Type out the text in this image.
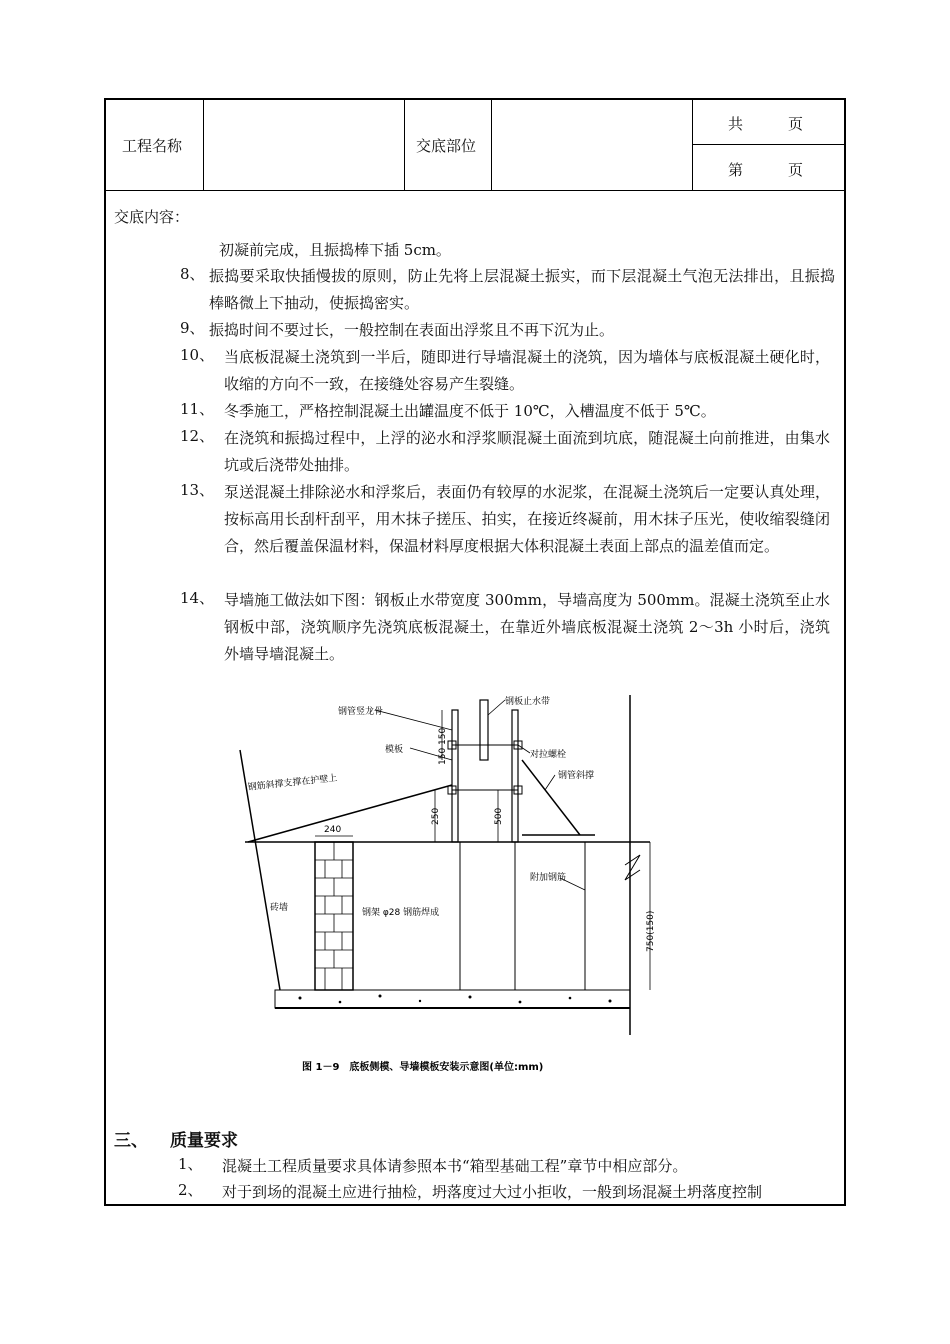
工程名称	交底部位
共　　　页
第　　　页
交底内容：
初凝前完成，且振捣棒下插 5cm。
8、 振捣要采取快插慢拔的原则，防止先将上层混凝土振实，而下层混凝土气泡无法排出，且振捣棒略微上下抽动，使振捣密实。
9、 振捣时间不要过长，一般控制在表面出浮浆且不再下沉为止。
10、 当底板混凝土浇筑到一半后，随即进行导墙混凝土的浇筑，因为墙体与底板混凝土硬化时，收缩的方向不一致，在接缝处容易产生裂缝。
11、 冬季施工，严格控制混凝土出罐温度不低于 10℃，入槽温度不低于 5℃。
12、 在浇筑和振捣过程中，上浮的泌水和浮浆顺混凝土面流到坑底，随混凝土向前推进，由集水坑或后浇带处抽排。
13、 泵送混凝土排除泌水和浮浆后，表面仍有较厚的水泥浆，在混凝土浇筑后一定要认真处理，按标高用长刮杆刮平，用木抹子搓压、拍实，在接近终凝前，用木抹子压光，使收缩裂缝闭合，然后覆盖保温材料，保温材料厚度根据大体积混凝土表面上部点的温差值而定。
14、 导墙施工做法如下图：钢板止水带宽度 300mm，导墙高度为 500mm。混凝土浇筑至止水钢板中部，浇筑顺序先浇筑底板混凝土，在靠近外墙底板混凝土浇筑 2～3h 小时后，浇筑外墙导墙混凝土。
240
钢管竖龙骨
钢板止水带
模板	对拉螺栓
钢管斜撑
钢筋斜撑支撑在护壁上
砖墙	钢架 φ28 钢筋焊成
附加钢筋
150 150
250	500
750(150)
图 1－9　底板侧模、导墙模板安装示意图(单位:mm)
三、 质量要求
1、 混凝土工程质量要求具体请参照本书“箱型基础工程”章节中相应部分。
2、 对于到场的混凝土应进行抽检，坍落度过大过小拒收，一般到场混凝土坍落度控制
